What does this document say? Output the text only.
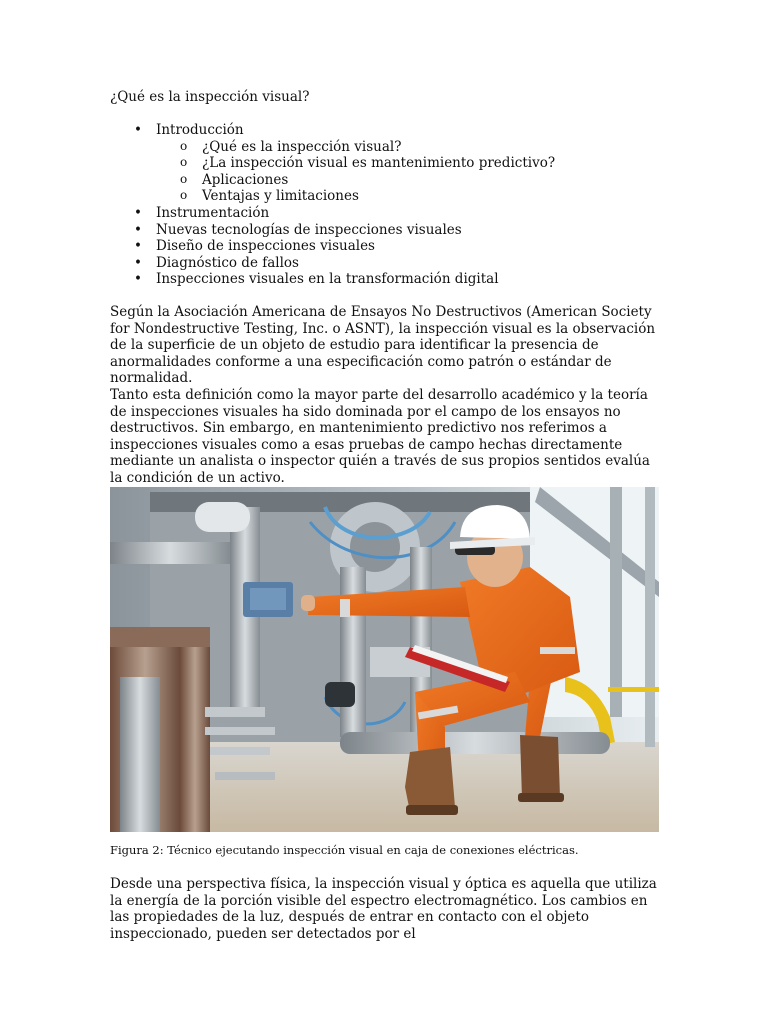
¿Qué es la inspección visual?
• Introducción
o ¿Qué es la inspección visual?
o ¿La inspección visual es mantenimiento predictivo?
o Aplicaciones
o Ventajas y limitaciones
• Instrumentación
• Nuevas tecnologías de inspecciones visuales
• Diseño de inspecciones visuales
• Diagnóstico de fallos
• Inspecciones visuales en la transformación digital

Según la Asociación Americana de Ensayos No Destructivos (American Society for Nondestructive Testing, Inc. o ASNT), la inspección visual es la observación de la superficie de un objeto de estudio para identificar la presencia de anormalidades conforme a una especificación como patrón o estándar de normalidad.

Tanto esta definición como la mayor parte del desarrollo académico y la teoría de inspecciones visuales ha sido dominada por el campo de los ensayos no destructivos. Sin embargo, en mantenimiento predictivo nos referimos a inspecciones visuales como a esas pruebas de campo hechas directamente mediante un analista o inspector quién a través de sus propios sentidos evalúa la condición de un activo.

Figura 2: Técnico ejecutando inspección visual en caja de conexiones eléctricas.

Desde una perspectiva física, la inspección visual y óptica es aquella que utiliza la energía de la porción visible del espectro electromagnético. Los cambios en las propiedades de la luz, después de entrar en contacto con el objeto inspeccionado, pueden ser detectados por el
